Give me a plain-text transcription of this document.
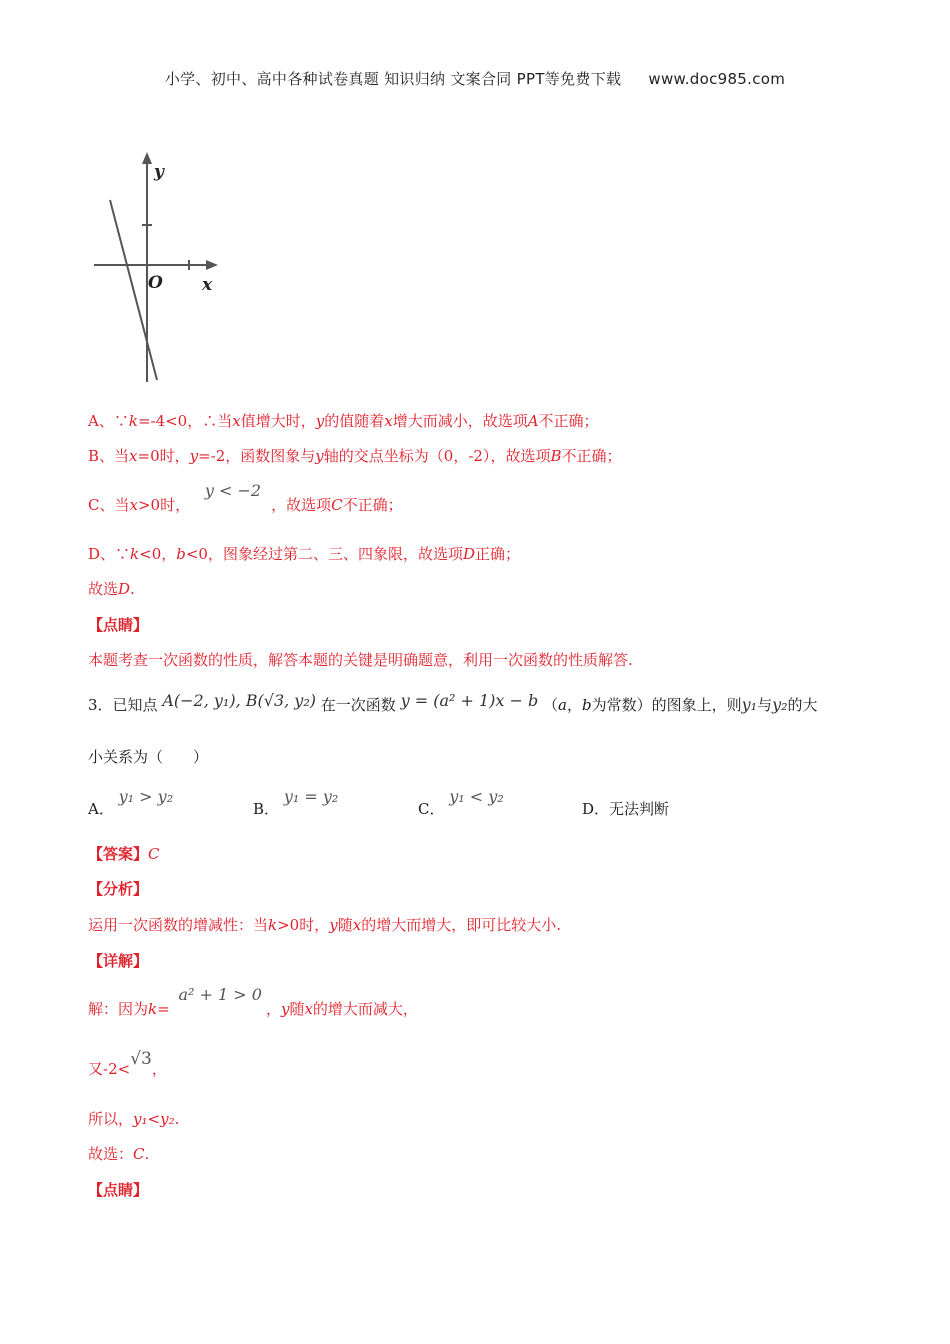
小学、初中、高中各种试卷真题 知识归纳 文案合同 PPT等免费下载 www.doc985.com
y
x
O
A、∵k=-4<0，∴当x值增大时，y的值随着x增大而减小，故选项A不正确；
B、当x=0时，y=-2，函数图象与y轴的交点坐标为（0，-2），故选项B不正确；
C、当x>0时， y < −2，故选项C不正确；
D、∵k<0，b<0，图象经过第二、三、四象限，故选项D正确；
故选D.
【点睛】
本题考查一次函数的性质，解答本题的关键是明确题意，利用一次函数的性质解答.
3．已知点 A(−2, y₁), B(√3, y₂) 在一次函数 y = (a² + 1)x − b （a，b为常数）的图象上，则y₁与y₂的大
小关系为（　　）
A． y₁ > y₂
B． y₁ = y₂
C． y₁ < y₂
D．无法判断
【答案】C
【分析】
运用一次函数的增减性：当k>0时，y随x的增大而增大，即可比较大小.
【详解】
解：因为k= a² + 1 > 0，y随x的增大而减大，
又-2<√3，
所以，y₁<y₂.
故选：C.
【点睛】
